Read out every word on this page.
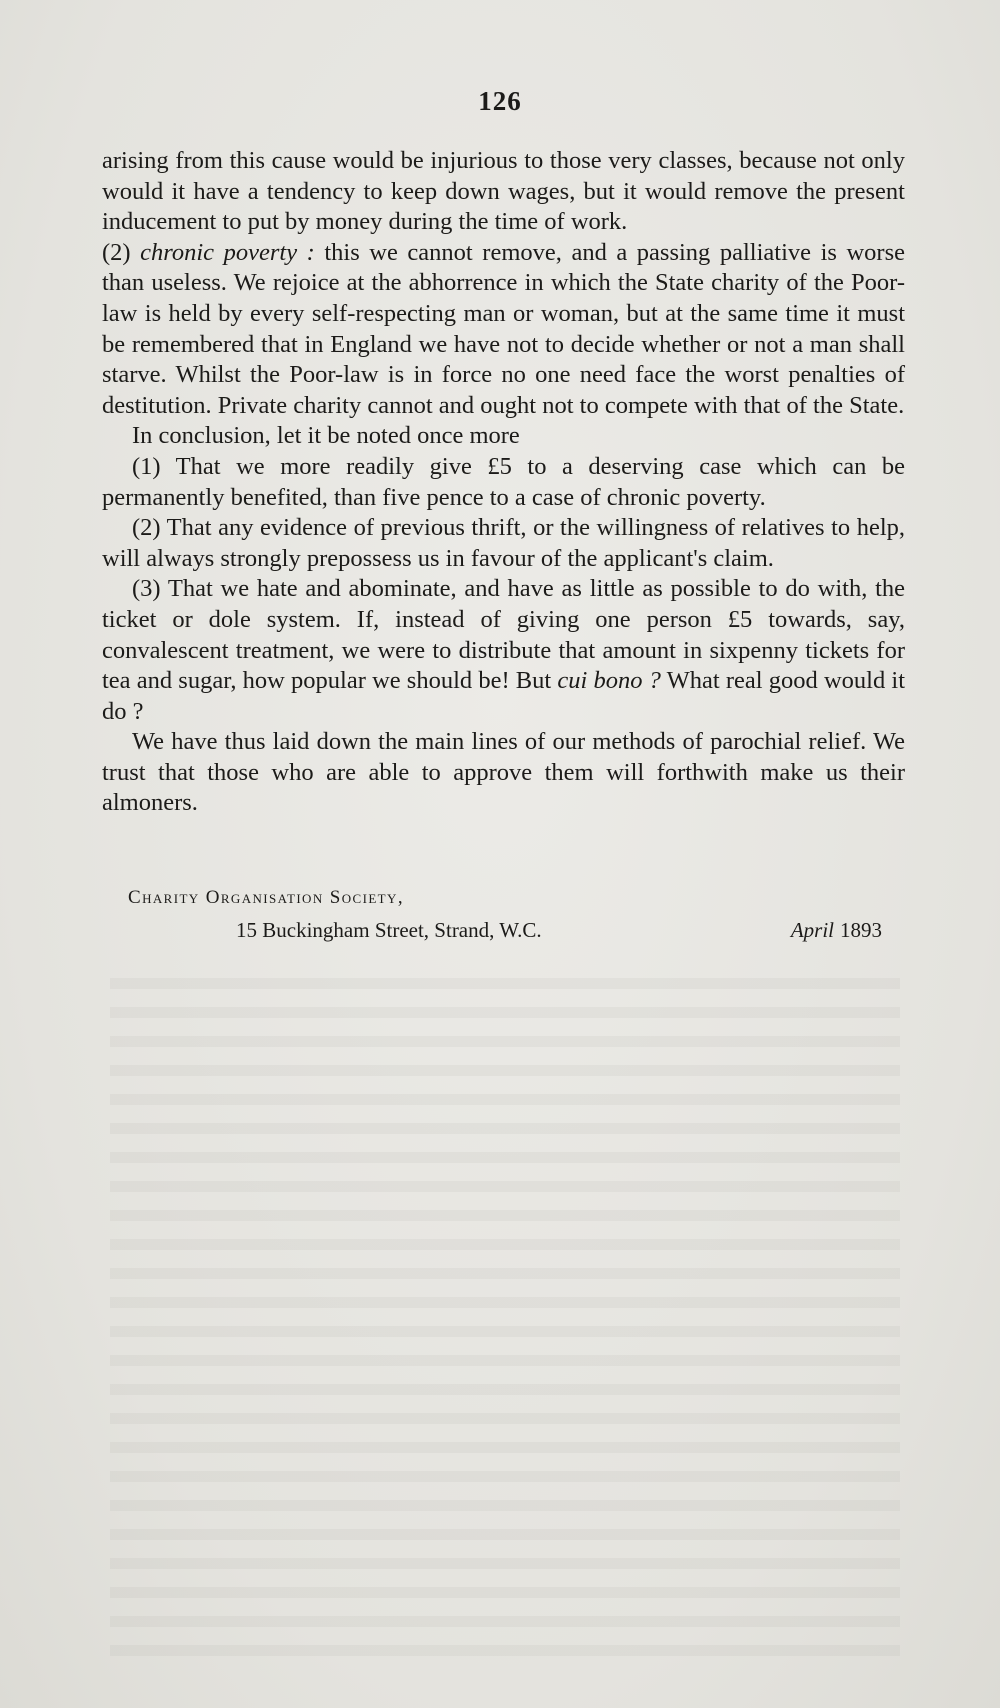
126

arising from this cause would be injurious to those very classes, because not only would it have a tendency to keep down wages, but it would remove the present inducement to put by money during the time of work.

(2) chronic poverty : this we cannot remove, and a passing palliative is worse than useless. We rejoice at the abhorrence in which the State charity of the Poor-law is held by every self-respecting man or woman, but at the same time it must be remembered that in England we have not to decide whether or not a man shall starve. Whilst the Poor-law is in force no one need face the worst penalties of destitution. Private charity cannot and ought not to compete with that of the State.

In conclusion, let it be noted once more

(1) That we more readily give £5 to a deserving case which can be permanently benefited, than five pence to a case of chronic poverty.

(2) That any evidence of previous thrift, or the willingness of relatives to help, will always strongly prepossess us in favour of the applicant's claim.

(3) That we hate and abominate, and have as little as possible to do with, the ticket or dole system. If, instead of giving one person £5 towards, say, convalescent treatment, we were to distribute that amount in sixpenny tickets for tea and sugar, how popular we should be! But cui bono ? What real good would it do ?

We have thus laid down the main lines of our methods of parochial relief. We trust that those who are able to approve them will forthwith make us their almoners.

Charity Organisation Society,
15 Buckingham Street, Strand, W.C.	April 1893
